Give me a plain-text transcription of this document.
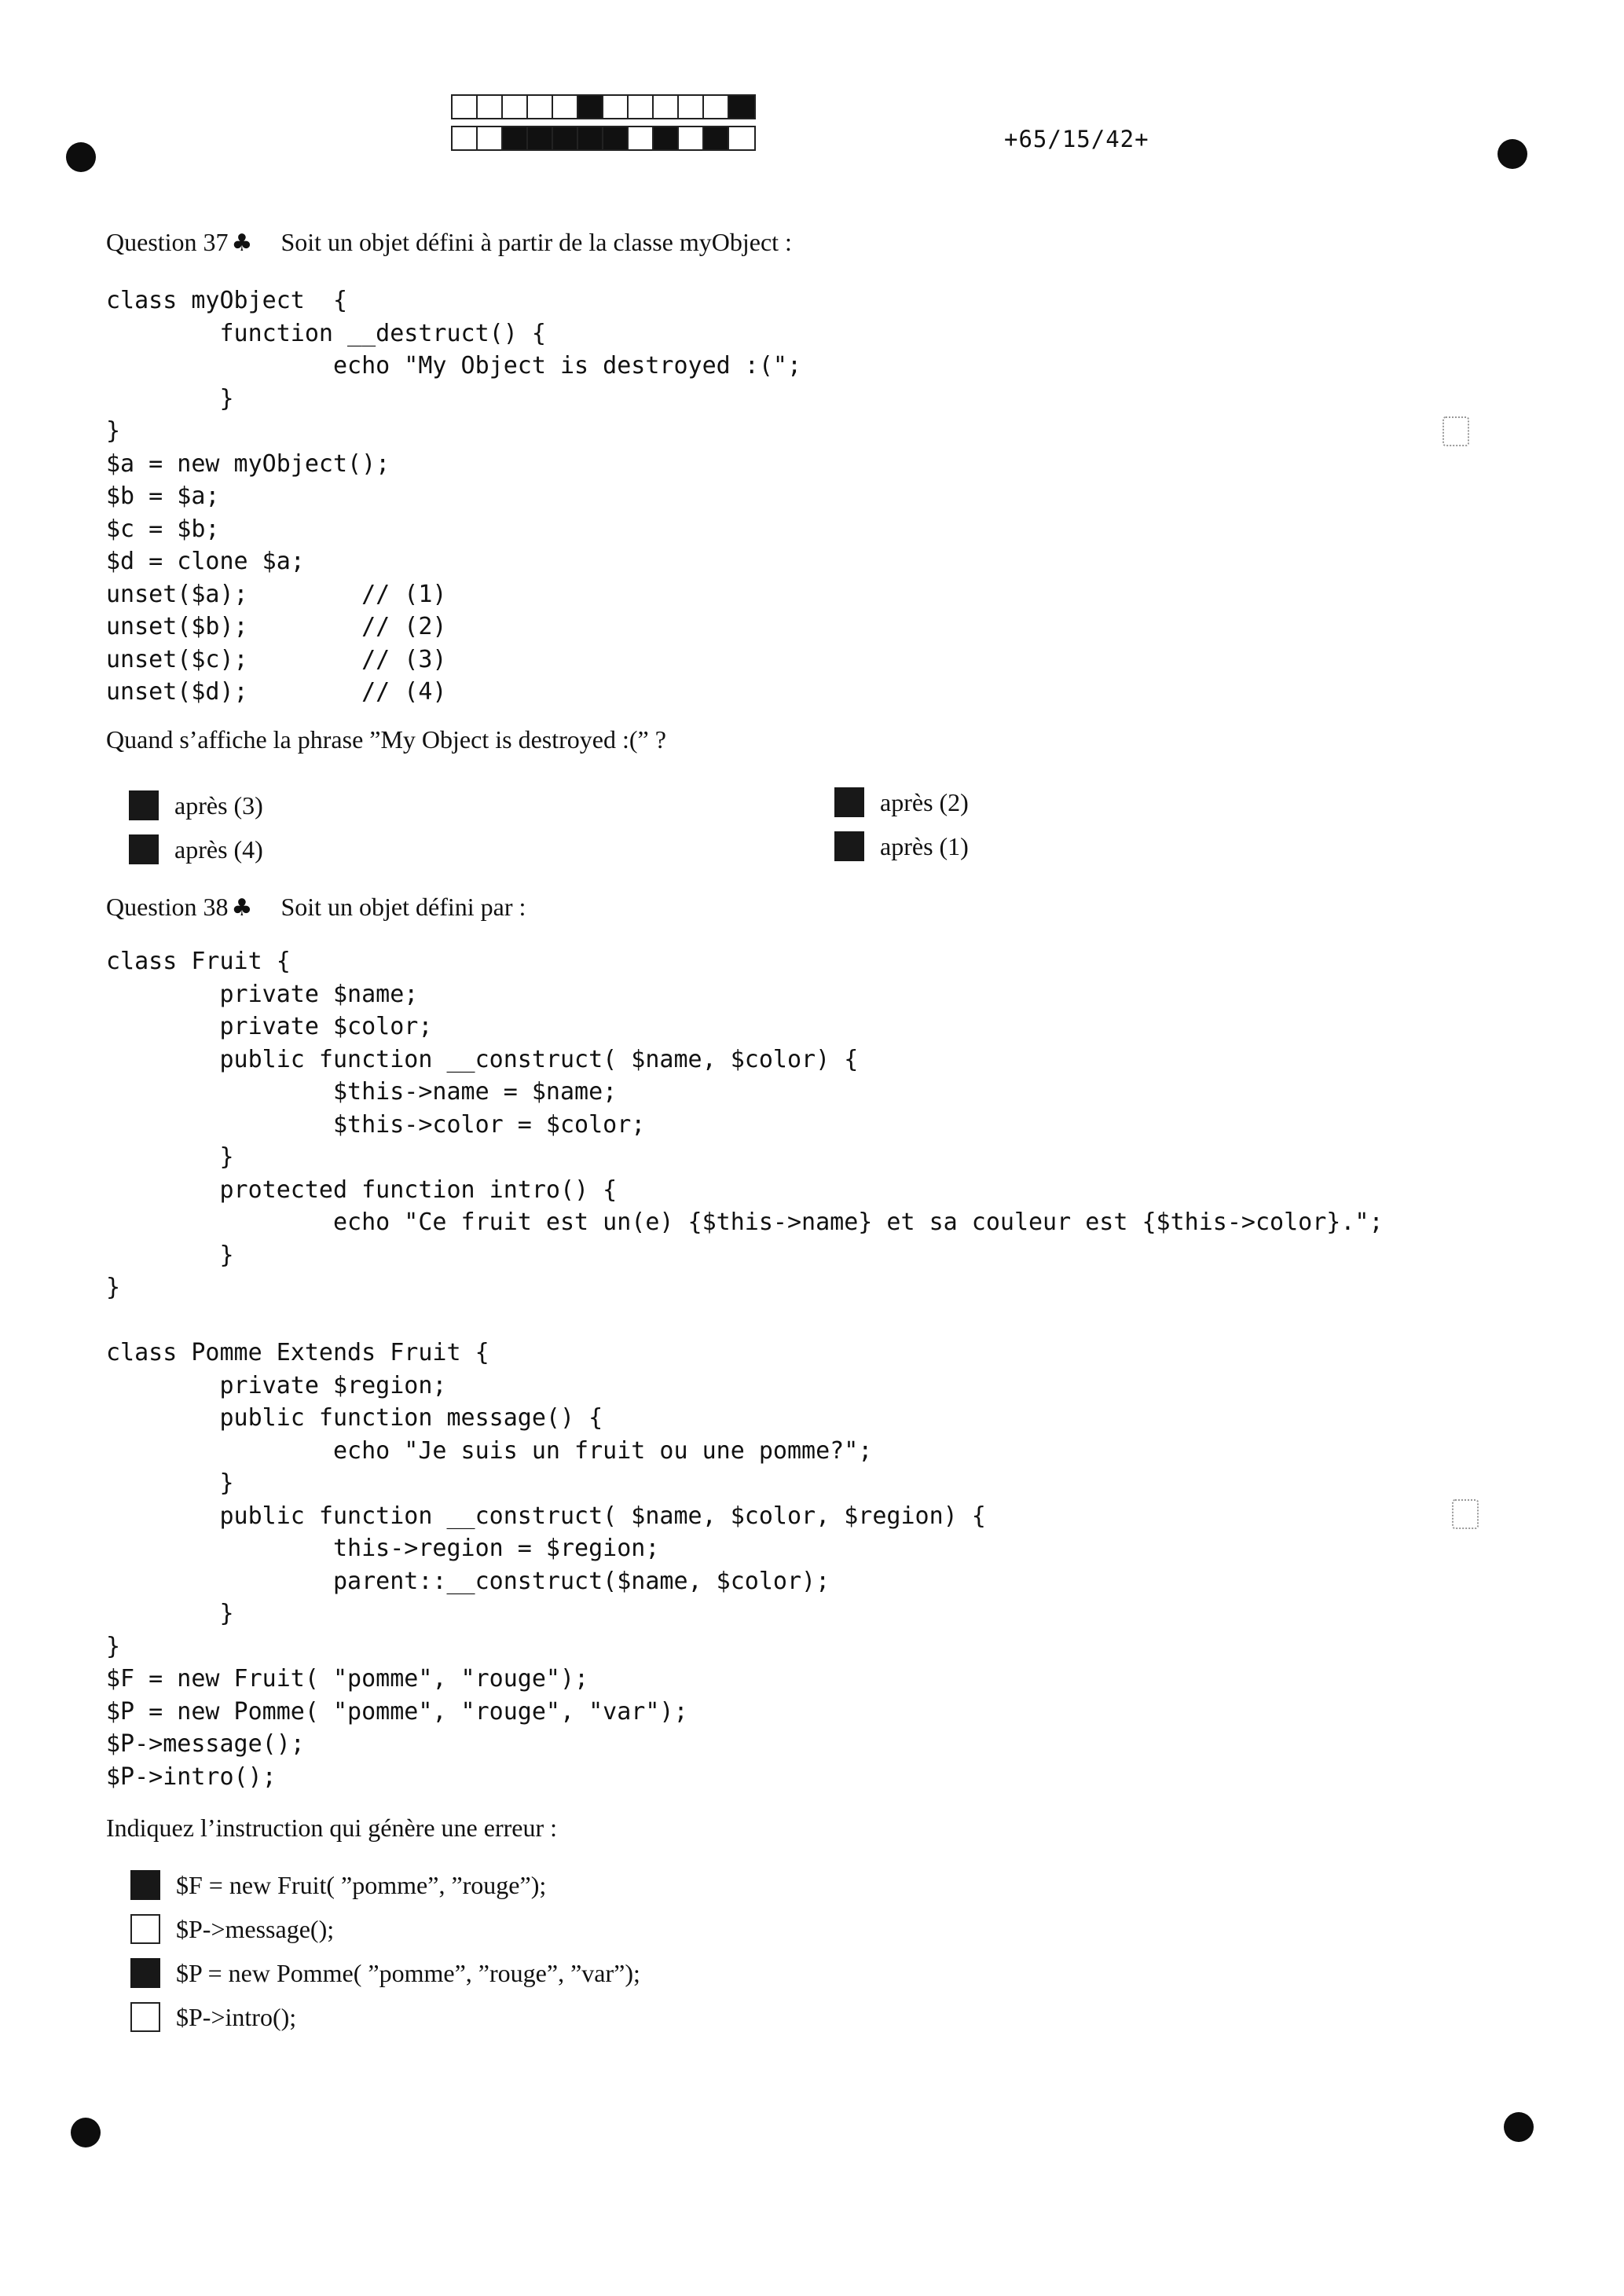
+65/15/42+
Question 37 ♣ Soit un objet défini à partir de la classe myObject :
class myObject  {
function __destruct() {
echo "My Object is destroyed :(";
}
}
$a = new myObject();
$b = $a;
$c = $b;
$d = clone $a;
unset($a);        // (1)
unset($b);        // (2)
unset($c);        // (3)
unset($d);        // (4)
Quand s’affiche la phrase ”My Object is destroyed :(” ?
après (3)
après (4)
après (2)
après (1)
Question 38 ♣ Soit un objet défini par :
class Fruit {
private $name;
private $color;
public function __construct( $name, $color) {
$this->name = $name;
$this->color = $color;
}
protected function intro() {
echo "Ce fruit est un(e) {$this->name} et sa couleur est {$this->color}.";
}
}

class Pomme Extends Fruit {
private $region;
public function message() {
echo "Je suis un fruit ou une pomme?";
}
public function __construct( $name, $color, $region) {
this->region = $region;
parent::__construct($name, $color);
}
}
$F = new Fruit( "pomme", "rouge");
$P = new Pomme( "pomme", "rouge", "var");
$P->message();
$P->intro();
Indiquez l’instruction qui génère une erreur :
$F = new Fruit( ”pomme”, ”rouge”);
$P->message();
$P = new Pomme( ”pomme”, ”rouge”, ”var”);
$P->intro();
